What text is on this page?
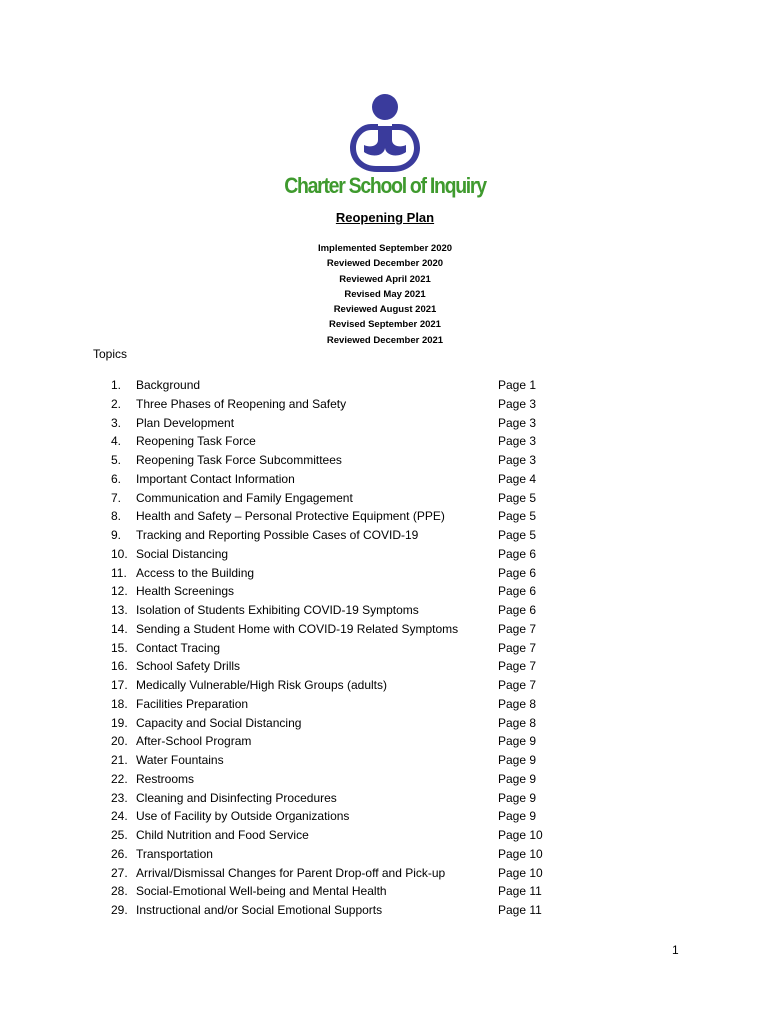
Charter School of Inquiry
Reopening Plan
Implemented September 2020
Reviewed December 2020
Reviewed April 2021
Revised May 2021
Reviewed August 2021
Revised September 2021
Reviewed December 2021
Topics
1.	Background	Page 1
2.	Three Phases of Reopening and Safety	Page 3
3.	Plan Development	Page 3
4.	Reopening Task Force	Page 3
5.	Reopening Task Force Subcommittees	Page 3
6.	Important Contact Information	Page 4
7.	Communication and Family Engagement	Page 5
8.	Health and Safety – Personal Protective Equipment (PPE)	Page 5
9.	Tracking and Reporting Possible Cases of COVID-19	Page 5
10. Social Distancing	Page 6
11. Access to the Building	Page 6
12. Health Screenings	Page 6
13. Isolation of Students Exhibiting COVID-19 Symptoms	Page 6
14. Sending a Student Home with COVID-19 Related Symptoms	Page 7
15. Contact Tracing	Page 7
16. School Safety Drills	Page 7
17. Medically Vulnerable/High Risk Groups (adults)	Page 7
18. Facilities Preparation	Page 8
19. Capacity and Social Distancing	Page 8
20. After-School Program	Page 9
21. Water Fountains	Page 9
22. Restrooms	Page 9
23. Cleaning and Disinfecting Procedures	Page 9
24. Use of Facility by Outside Organizations	Page 9
25. Child Nutrition and Food Service	Page 10
26. Transportation	Page 10
27. Arrival/Dismissal Changes for Parent Drop-off and Pick-up	Page 10
28. Social-Emotional Well-being and Mental Health	Page 11
29. Instructional and/or Social Emotional Supports	Page 11
1
